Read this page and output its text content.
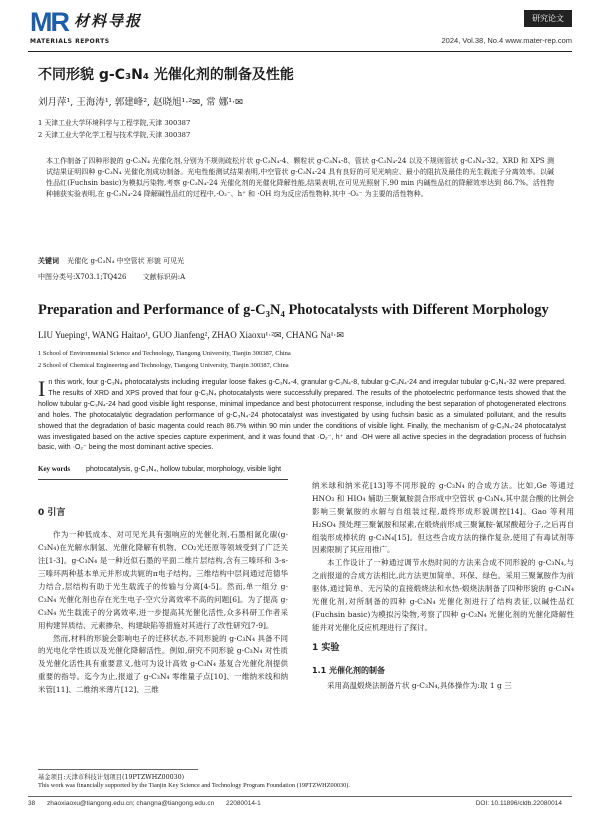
MR 材料导报
MATERIALS REPORTS
研究论文
2024, Vol.38, No.4 www.mater-rep.com
不同形貌 g-C₃N₄ 光催化剂的制备及性能
刘月萍¹, 王海涛¹, 郭建峰², 赵晓旭¹·²✉, 常 娜¹·✉
1 天津工业大学环境科学与工程学院,天津 300387
2 天津工业大学化学工程与技术学院,天津 300387
本工作制备了四种形貌的 g-C₃N₄ 光催化剂,分别为不规则疏松片状 g-C₃N₄-4、颗粒状 g-C₃N₄-8、管状 g-C₃N₄-24 以及不规则管状 g-C₃N₄-32。XRD 和 XPS 测试结果证明四种 g-C₃N₄ 光催化剂成功制备。光电性能测试结果表明,中空管状 g-C₃N₄-24 具有良好的可见光响应、最小的阻抗及最佳的光生载流子分离效率。以碱性品红(Fuchsin basic)为模拟污染物,考察 g-C₃N₄-24 光催化剂的光催化降解性能,结果表明,在可见光照射下,90 min 内碱性品红的降解效率达到 86.7%。活性物种捕获实验表明,在 g-C₃N₄-24 降解碱性品红的过程中,·O₂⁻、h⁺ 和 ·OH 均为反应活性物种,其中 ·O₂⁻ 为主要的活性物种。
关键词 光催化 g-C₃N₄ 中空管状 形貌 可见光
中图分类号:X703.1;TQ426 文献标识码:A
Preparation and Performance of g-C₃N₄ Photocatalysts with Different Morphology
LIU Yueping¹, WANG Haitao¹, GUO Jianfeng², ZHAO Xiaoxu¹·²✉, CHANG Na¹·✉
1 School of Environmental Science and Technology, Tiangong University, Tianjin 300387, China
2 School of Chemical Engineering and Technology, Tiangong University, Tianjin 300387, China
I n this work, four g-C₃N₄ photocatalysts including irregular loose flakes g-C₃N₄-4, granular g-C₃N₄-8, tubular g-C₃N₄-24 and irregular tubular g-C₃N₄-32 were prepared. The results of XRD and XPS proved that four g-C₃N₄ photocatalysts were successfully prepared. The results of the photoelectric performance tests showed that the hollow tubular g-C₃N₄-24 had good visible light response, minimal impedance and best photocurrent response, including the best separation of photogenerated electrons and holes. The photocatalytic degradation performance of g-C₃N₄-24 photocatalyst was investigated by using fuchsin basic as a simulated pollutant, and the results showed that the degradation of basic magenta could reach 86.7% within 90 min under the conditions of visible light. Finally, the mechanism of g-C₃N₄-24 photocatalyst was investigated based on the active species capture experiment, and it was found that ·O₂⁻, h⁺ and ·OH were all active species in the degradation process of fuchsin basic, with ·O₂⁻ being the most dominant active species.
Key words photocatalysis, g-C₃N₄, hollow tubular, morphology, visible light
0 引言

作为一种低成本、对可见光具有强响应的光催化剂,石墨相氮化碳(g-C₃N₄)在光解水制氢、光催化降解有机物、CO₂光还原等领域受到了广泛关注[1-3]。g-C₃N₄ 是一种近似石墨的平面二维片层结构,含有三嗪环和 3-s-三嗪环两种基本单元并形成共轭的π电子结构。三维结构中层间通过范德华力结合,层结构有助于光生载流子的传输与分离[4-5]。然而,单一组分 g-C₃N₄ 光催化剂也存在光生电子-空穴分离效率不高的问题[6]。为了提高 g-C₃N₄ 光生载流子的分离效率,进一步提高其光催化活性,众多科研工作者采用构建异质结、元素掺杂、构建缺陷等措施对其进行了改性研究[7-9]。

然而,材料的形貌会影响电子的迁移状态,不同形貌的 g-C₃N₄ 具备不同的光电化学性质以及光催化降解活性。例如,研究不同形貌 g-C₃N₄ 对性质及光催化活性具有重要意义,他可为设计高效 g-C₃N₄ 基复合光催化剂提供重要的指导。迄今为止,报道了 g-C₃N₄ 零维量子点[10]、一维纳米线和纳米管[11]、二维纳米薄片[12]、三维

纳米球和纳米花[13]等不同形貌的 g-C₃N₄ 的合成方法。比如,Ge 等通过 HNO₃ 和 HIO₄ 辅助三聚氰胺混合形成中空管状 g-C₃N₄,其中混合酸的比例会影响三聚氰胺的水解与自组装过程,最终形成形貌调控[14]。Gao 等利用 H₂SO₄ 预处理三聚氰胺和尿素,在煅烧前形成三聚氰胺-氰尿酸超分子,之后再自组装形成棒状的 g-C₃N₄[15]。但这些合成方法的操作复杂,使用了有毒试剂等因素限制了其应用推广。

本工作设计了一种通过调节水热时间的方法来合成不同形貌的 g-C₃N₄,与之前报道的合成方法相比,此方法更加简单、环保、绿色。采用三聚氰胺作为前驱体,通过简单、无污染的直接煅烧法和水热-煅烧法制备了四种形貌的 g-C₃N₄ 光催化剂,对所制备的四种 g-C₃N₄ 光催化剂进行了结构表征,以碱性品红(Fuchsin basic)为模拟污染物,考察了四种 g-C₃N₄ 光催化剂的光催化降解性能并对光催化反应机理进行了探讨。

1 实验
1.1 光催化剂的制备

采用高温煅烧法制备片状 g-C₃N₄,具体操作为:取 1 g 三

基金项目:天津市科技计划项目(19PTZWHZ00030)
This work was financially supported by the Tianjin Key Science and Technology Program Foundation (19PTZWHZ00030).
38 zhaoxiaoxu@tiangong.edu.cn; changna@tiangong.edu.cn 22080014-1	DOI: 10.11896/cldb.22080014
